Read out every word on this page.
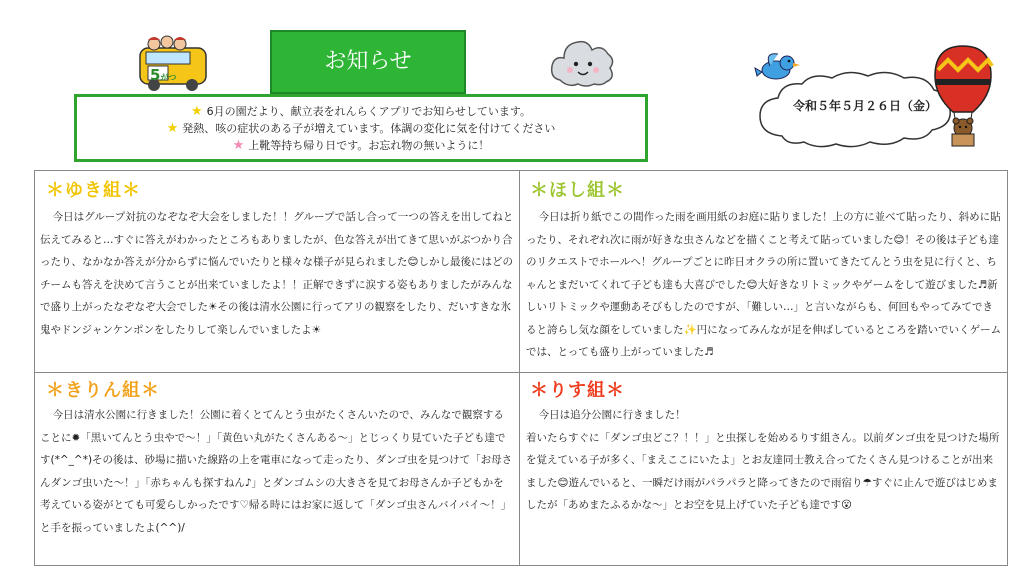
5がつ
お知らせ
★ 6月の園だより、献立表をれんらくアプリでお知らせしています。
★ 発熱、咳の症状のある子が増えています。体調の変化に気を付けてください
★ 上靴等持ち帰り日です。お忘れ物の無いように！
令和５年５月２６日（金）
＊ゆき組＊
今日はグループ対抗のなぞなぞ大会をしました！！グループで話し合って一つの答えを出してねと伝えてみると…すぐに答えがわかったところもありましたが、色な答えが出てきて思いがぶつかり合ったり、なかなか答えが分からずに悩んでいたりと様々な様子が見られました😊しかし最後にはどのチームも答えを決めて言うことが出来ていましたよ！！正解できずに涙する姿もありましたがみんなで盛り上がったなぞなぞ大会でした☀その後は清水公園に行ってアリの観察をしたり、だいすきな氷鬼やドンジャンケンポンをしたりして楽しんでいましたよ☀
＊ほし組＊
今日は折り紙でこの間作った雨を画用紙のお庭に貼りました！上の方に並べて貼ったり、斜めに貼ったり、それぞれ次に雨が好きな虫さんなどを描くこと考えて貼っていました😊！その後は子ども達のリクエストでホールへ！グループごとに昨日オクラの所に置いてきたてんとう虫を見に行くと、ちゃんとまだいてくれて子ども達も大喜びでした😊大好きなリトミックやゲームをして遊びました♬新しいリトミックや運動あそびもしたのですが、「難しい…」と言いながらも、何回もやってみてできると誇らし気な顔をしていました✨円になってみんなが足を伸ばしているところを踏いでいくゲームでは、とっても盛り上がっていました♬
＊きりん組＊
今日は清水公園に行きました！公園に着くとてんとう虫がたくさんいたので、みんなで観察することに✹「黒いてんとう虫やで〜！」「黄色い丸がたくさんある〜」とじっくり見ていた子ども達です(*^_^*)その後は、砂場に描いた線路の上を電車になって走ったり、ダンゴ虫を見つけて「お母さんダンゴ虫いた〜！」「赤ちゃんも探すねん♪」とダンゴムシの大きさを見てお母さんか子どもかを考えている姿がとても可愛らしかったです♡帰る時にはお家に返して「ダンゴ虫さんバイバイ〜！」と手を振っていましたよ(^^)/
＊りす組＊
今日は追分公園に行きました！
着いたらすぐに「ダンゴ虫どこ？！！」と虫探しを始めるりす組さん。以前ダンゴ虫を見つけた場所を覚えている子が多く、「まえここにいたよ」とお友達同士教え合ってたくさん見つけることが出来ました😊遊んでいると、一瞬だけ雨がパラパラと降ってきたので雨宿り☂すぐに止んで遊びはじめましたが「あめまたふるかな〜」とお空を見上げていた子ども達です😮
